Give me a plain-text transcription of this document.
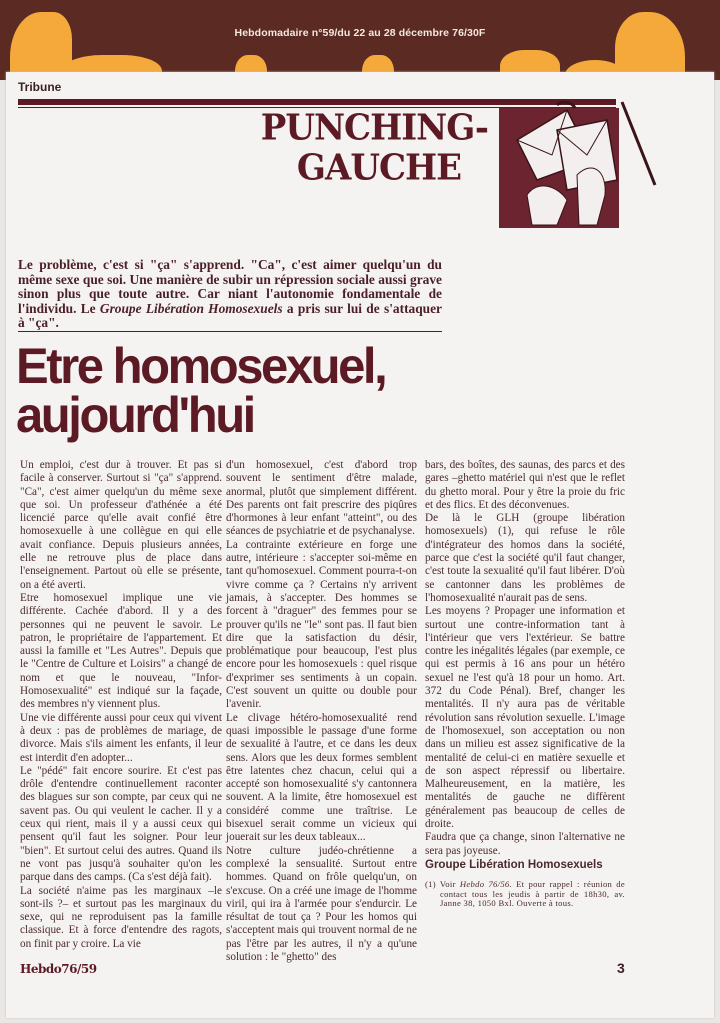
Hebdomadaire n°59/du 22 au 28 décembre 76/30F
Tribune
PUNCHING-
GAUCHE
Le problème, c'est si "ça" s'apprend. "Ca", c'est aimer quelqu'un du même sexe que soi. Une manière de subir un répression sociale aussi grave sinon plus que toute autre. Car niant l'autonomie fondamentale de l'individu. Le Groupe Libération Homosexuels a pris sur lui de s'attaquer à "ça".
Etre homosexuel,
aujourd'hui

Un emploi, c'est dur à trouver. Et pas si facile à conserver. Surtout si "ça" s'apprend. "Ca", c'est aimer quelqu'un du même sexe que soi. Un professeur d'athénée a été licencié parce qu'elle avait confié être homosexuelle à une collègue en qui elle avait confiance. Depuis plusieurs années, elle ne retrouve plus de place dans l'enseignement. Partout où elle se présente, on a été averti.

Etre homosexuel implique une vie différente. Cachée d'abord. Il y a des personnes qui ne peuvent le savoir. Le patron, le propriétaire de l'appartement. Et aussi la famille et "Les Autres". Depuis que le "Centre de Culture et Loisirs" a changé de nom et que le nouveau, "Infor-Homosexualité" est indiqué sur la façade, des membres n'y viennent plus.

Une vie différente aussi pour ceux qui vivent à deux : pas de problèmes de mariage, de divorce. Mais s'ils aiment les enfants, il leur est interdit d'en adopter...

Le "pédé" fait encore sourire. Et c'est pas drôle d'entendre continuellement raconter des blagues sur son compte, par ceux qui ne savent pas. Ou qui veulent le cacher. Il y a ceux qui rient, mais il y a aussi ceux qui pensent qu'il faut les soigner. Pour leur "bien". Et surtout celui des autres. Quand ils ne vont pas jusqu'à souhaiter qu'on les parque dans des camps. (Ca s'est déjà fait).

La société n'aime pas les marginaux –le sont-ils ?– et surtout pas les marginaux du sexe, qui ne reproduisent pas la famille classique. Et à force d'entendre des ragots, on finit par y croire. La vie

d'un homosexuel, c'est d'abord trop souvent le sentiment d'être malade, anormal, plutôt que simplement différent. Des parents ont fait prescrire des piqûres d'hormones à leur enfant "atteint", ou des séances de psychiatrie et de psychanalyse.

La contrainte extérieure en forge une autre, intérieure : s'accepter soi-même en tant qu'homosexuel. Comment pourra-t-on vivre comme ça ? Certains n'y arrivent jamais, à s'accepter. Des hommes se forcent à "draguer" des femmes pour se prouver qu'ils ne "le" sont pas. Il faut bien dire que la satisfaction du désir, problématique pour beaucoup, l'est plus encore pour les homosexuels : quel risque d'exprimer ses sentiments à un copain. C'est souvent un quitte ou double pour l'avenir.

Le clivage hétéro-homosexualité rend quasi impossible le passage d'une forme de sexualité à l'autre, et ce dans les deux sens. Alors que les deux formes semblent être latentes chez chacun, celui qui a accepté son homosexualité s'y cantonnera souvent. A la limite, être homosexuel est considéré comme une traîtrise. Le bisexuel serait comme un vicieux qui jouerait sur les deux tableaux...

Notre culture judéo-chrétienne a complexé la sensualité. Surtout entre hommes. Quand on frôle quelqu'un, on s'excuse. On a créé une image de l'homme viril, qui ira à l'armée pour s'endurcir. Le résultat de tout ça ? Pour les homos qui s'acceptent mais qui trouvent normal de ne pas l'être par les autres, il n'y a qu'une solution : le "ghetto" des

bars, des boîtes, des saunas, des parcs et des gares –ghetto matériel qui n'est que le reflet du ghetto moral. Pour y être la proie du fric et des flics. Et des déconvenues.

De là le GLH (groupe libération homosexuels) (1), qui refuse le rôle d'intégrateur des homos dans la société, parce que c'est la société qu'il faut changer, c'est toute la sexualité qu'il faut libérer. D'où se cantonner dans les problèmes de l'homosexualité n'aurait pas de sens.

Les moyens ? Propager une information et surtout une contre-information tant à l'intérieur que vers l'extérieur. Se battre contre les inégalités légales (par exemple, ce qui est permis à 16 ans pour un hétéro sexuel ne l'est qu'à 18 pour un homo. Art. 372 du Code Pénal). Bref, changer les mentalités. Il n'y aura pas de véritable révolution sans révolution sexuelle. L'image de l'homosexuel, son acceptation ou non dans un milieu est assez significative de la mentalité de celui-ci en matière sexuelle et de son aspect répressif ou libertaire. Malheureusement, en la matière, les mentalités de gauche ne diffèrent généralement pas beaucoup de celles de droite.

Faudra que ça change, sinon l'alternative ne sera pas joyeuse.

Groupe Libération Homosexuels

(1) Voir Hebdo 76/56. Et pour rappel : réunion de contact tous les jeudis à partir de 18h30, av. Janne 38, 1050 Bxl. Ouverte à tous.

Hebdo76/59	3
